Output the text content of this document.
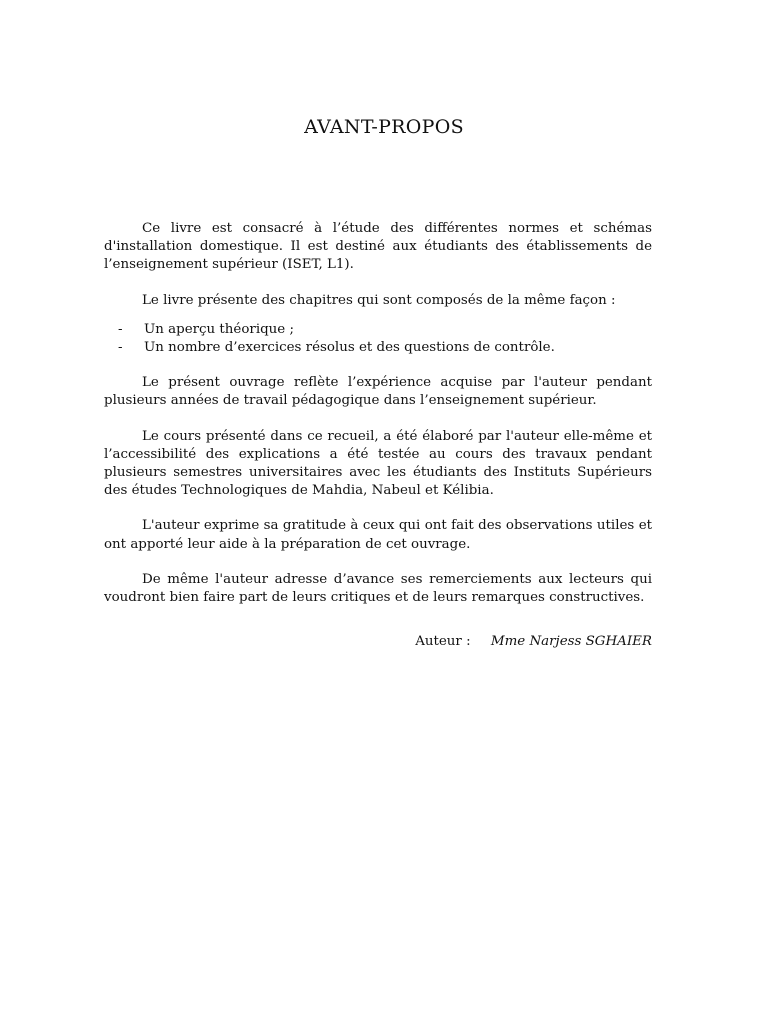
AVANT-PROPOS

Ce livre est consacré à l’étude des différentes normes et schémas d'installation domestique. Il est destiné aux étudiants des établissements de l’enseignement supérieur (ISET, L1).

Le livre présente des chapitres qui sont composés de la même façon :

- Un aperçu théorique ;
- Un nombre d’exercices résolus et des questions de contrôle.

Le présent ouvrage reflète l’expérience acquise par l'auteur pendant plusieurs années de travail pédagogique dans l’enseignement supérieur.

Le cours présenté dans ce recueil, a été élaboré par l'auteur elle-même et l’accessibilité des explications a été testée au cours des travaux pendant plusieurs semestres universitaires avec les étudiants des Instituts Supérieurs des études Technologiques de Mahdia, Nabeul et Kélibia.

L'auteur exprime sa gratitude à ceux qui ont fait des observations utiles et ont apporté leur aide à la préparation de cet ouvrage.

De même l'auteur adresse d’avance ses remerciements aux lecteurs qui voudront bien faire part de leurs critiques et de leurs remarques constructives.

Auteur : Mme Narjess SGHAIER
